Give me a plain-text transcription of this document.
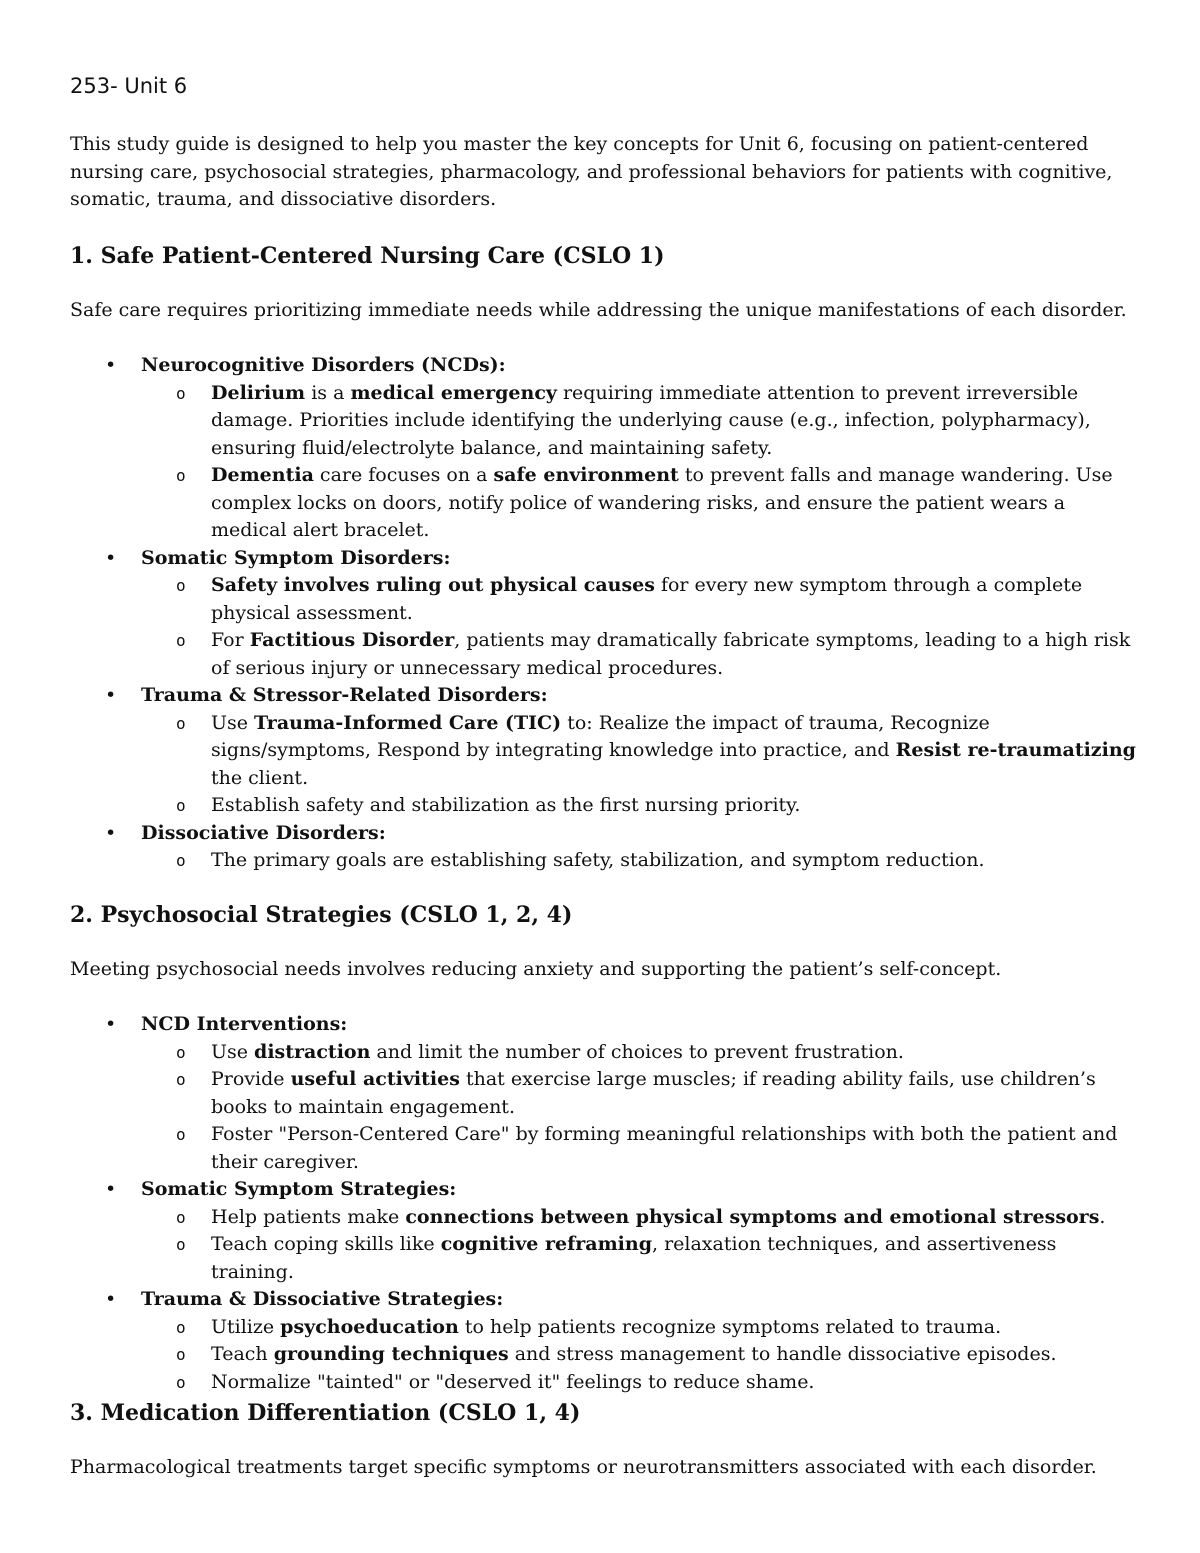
253- Unit 6

This study guide is designed to help you master the key concepts for Unit 6, focusing on patient-centered nursing care, psychosocial strategies, pharmacology, and professional behaviors for patients with cognitive, somatic, trauma, and dissociative disorders.

1. Safe Patient-Centered Nursing Care (CSLO 1)

Safe care requires prioritizing immediate needs while addressing the unique manifestations of each disorder.

• Neurocognitive Disorders (NCDs):
o Delirium is a medical emergency requiring immediate attention to prevent irreversible damage. Priorities include identifying the underlying cause (e.g., infection, polypharmacy), ensuring fluid/electrolyte balance, and maintaining safety.
o Dementia care focuses on a safe environment to prevent falls and manage wandering. Use complex locks on doors, notify police of wandering risks, and ensure the patient wears a medical alert bracelet.
• Somatic Symptom Disorders:
o Safety involves ruling out physical causes for every new symptom through a complete physical assessment.
o For Factitious Disorder, patients may dramatically fabricate symptoms, leading to a high risk of serious injury or unnecessary medical procedures.
• Trauma & Stressor-Related Disorders:
o Use Trauma-Informed Care (TIC) to: Realize the impact of trauma, Recognize signs/symptoms, Respond by integrating knowledge into practice, and Resist re-traumatizing the client.
o Establish safety and stabilization as the first nursing priority.
• Dissociative Disorders:
o The primary goals are establishing safety, stabilization, and symptom reduction.
2. Psychosocial Strategies (CSLO 1, 2, 4)

Meeting psychosocial needs involves reducing anxiety and supporting the patient’s self-concept.

• NCD Interventions:
o Use distraction and limit the number of choices to prevent frustration.
o Provide useful activities that exercise large muscles; if reading ability fails, use children’s books to maintain engagement.
o Foster "Person-Centered Care" by forming meaningful relationships with both the patient and their caregiver.
• Somatic Symptom Strategies:
o Help patients make connections between physical symptoms and emotional stressors.
o Teach coping skills like cognitive reframing, relaxation techniques, and assertiveness training.
• Trauma & Dissociative Strategies:
o Utilize psychoeducation to help patients recognize symptoms related to trauma.
o Teach grounding techniques and stress management to handle dissociative episodes.
o Normalize "tainted" or "deserved it" feelings to reduce shame.
3. Medication Differentiation (CSLO 1, 4)

Pharmacological treatments target specific symptoms or neurotransmitters associated with each disorder.
